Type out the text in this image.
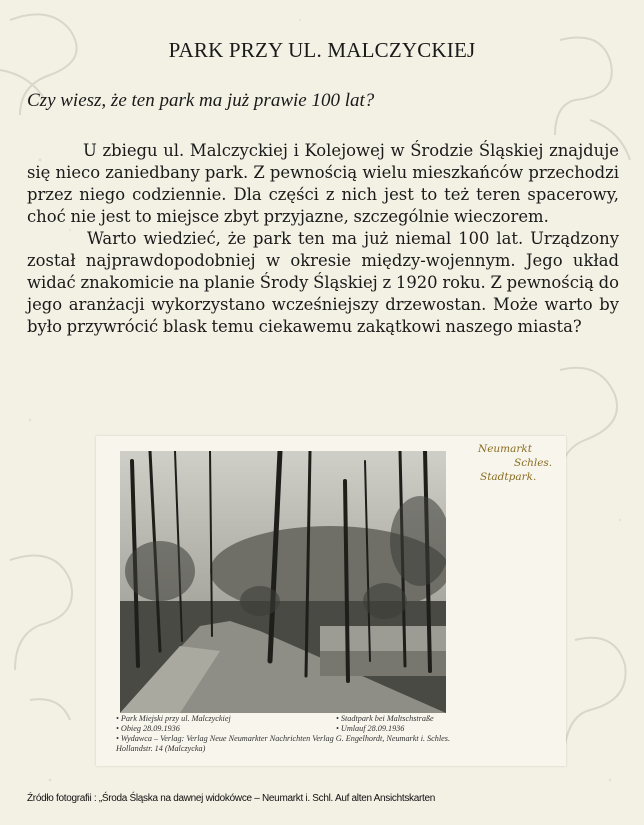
PARK PRZY UL. MALCZYCKIEJ
Czy wiesz, że ten park ma już prawie 100 lat?

U zbiegu ul. Malczyckiej i Kolejowej w Środzie Śląskiej znajduje się nieco zaniedbany park. Z pewnością wielu mieszkańców przechodzi przez niego codziennie. Dla części z nich jest to też teren spacerowy, choć nie jest to miejsce zbyt przyjazne, szczególnie wieczorem.

Warto wiedzieć, że park ten ma już niemal 100 lat. Urządzony został najprawdopodobniej w okresie między-wojennym. Jego układ widać znakomicie na planie Środy Śląskiej z 1920 roku. Z pewnością do jego aranżacji wykorzystano wcześniejszy drzewostan. Może warto by było przywrócić blask temu ciekawemu zakątkowi naszego miasta?

Neumarkt
Schles.
Stadtpark.
• Park Miejski przy ul. Malczyckiej	• Stadtpark bei Maltschstraße
• Obieg 28.09.1936	• Umlauf 28.09.1936
• Wydawca – Verlag: Verlag Neue Neumarkter Nachrichten Verlag G. Engelhordt, Neumarkt i. Schles.
Hollandstr. 14 (Malczycka)
Źródło fotografii : „Środa Śląska na dawnej widokówce – Neumarkt i. Schl. Auf alten Ansichtskarten
